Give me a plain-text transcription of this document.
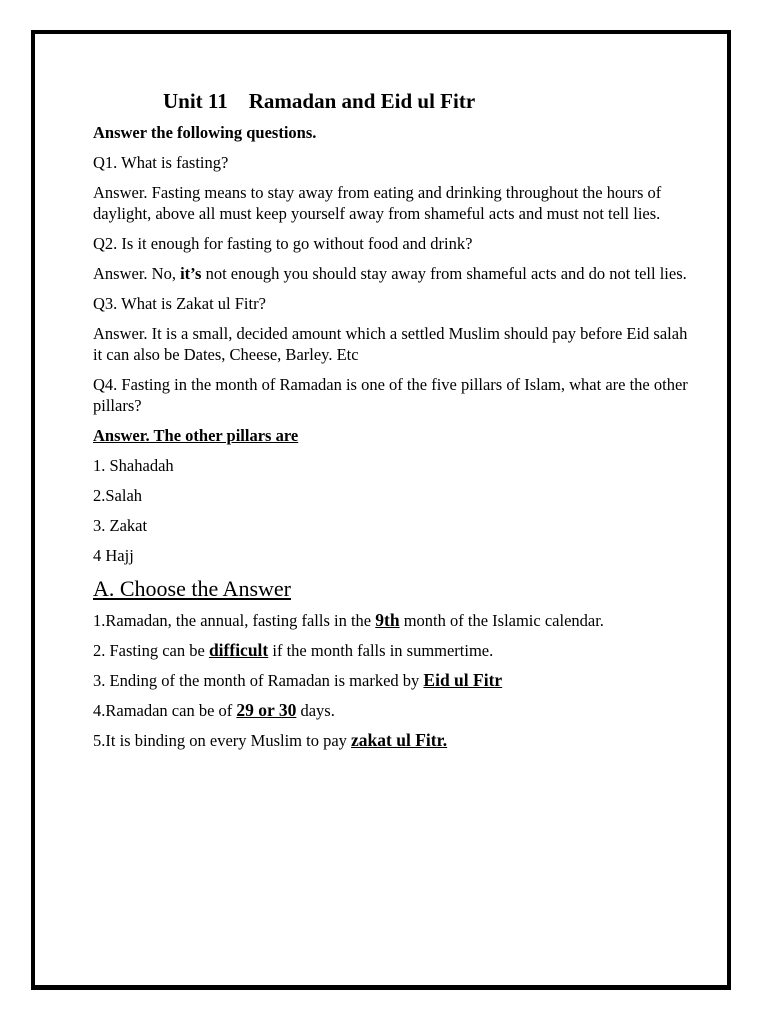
Unit 11    Ramadan and Eid ul Fitr
Answer the following questions.
Q1. What is fasting?
Answer. Fasting means to stay away from eating and drinking throughout the hours of daylight, above all must keep yourself away from shameful acts and must not tell lies.
Q2. Is it enough for fasting to go without food and drink?
Answer. No, it’s not enough you should stay away from shameful acts and do not tell lies.
Q3. What is Zakat ul Fitr?
Answer. It is a small, decided amount which a settled Muslim should pay before Eid salah it can also be Dates, Cheese, Barley. Etc
Q4. Fasting in the month of Ramadan is one of the five pillars of Islam, what are the other pillars?
Answer. The other pillars are
1. Shahadah
2.Salah
3. Zakat
4 Hajj
A. Choose the Answer
1.Ramadan, the annual, fasting falls in the 9th month of the Islamic calendar.
2. Fasting can be difficult if the month falls in summertime.
3. Ending of the month of Ramadan is marked by Eid ul Fitr
4.Ramadan can be of 29 or 30 days.
5.It is binding on every Muslim to pay zakat ul Fitr.
